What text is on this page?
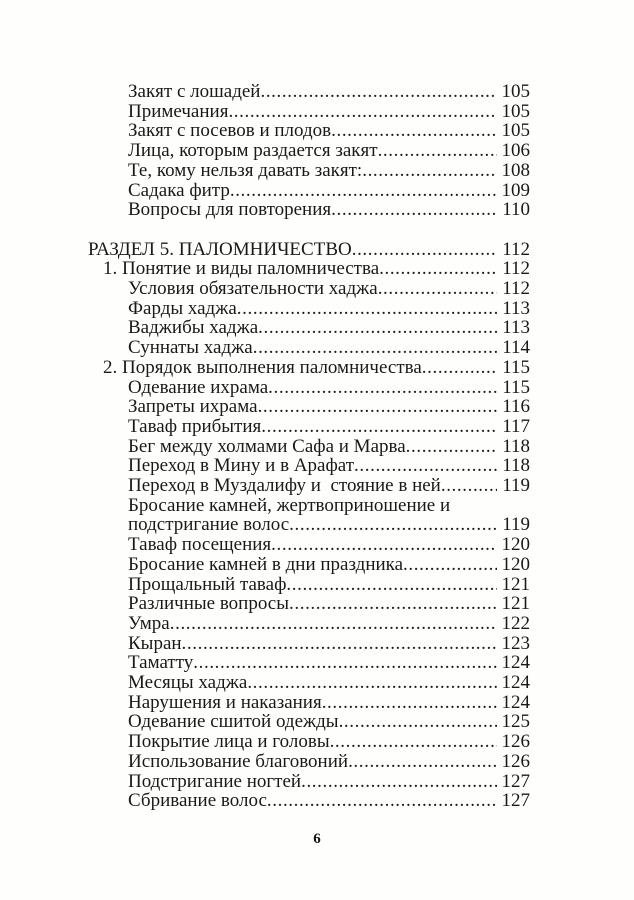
Закят с лошадей .....	105
Примечания .....	105
Закят с посевов и плодов .....	105
Лица, которым раздается закят .....	106
Те, кому нельзя давать закят: .....	108
Садака фитр .....	109
Вопросы для повторения .....	110
РАЗДЕЛ 5. ПАЛОМНИЧЕСТВО .....	112
1. Понятие и виды паломничества .....	112
Условия обязательности хаджа .....	112
Фарды хаджа .....	113
Ваджибы хаджа .....	113
Суннаты хаджа .....	114
2. Порядок выполнения паломничества .....	115
Одевание ихрама .....	115
Запреты ихрама .....	116
Таваф прибытия .....	117
Бег между холмами Сафа и Марва .....	118
Переход в Мину и в Арафат .....	118
Переход в Муздалифу и  стояние в ней .....	119
Бросание камней, жертвоприношение и
подстригание волос .....	119
Таваф посещения .....	120
Бросание камней в дни праздника .....	120
Прощальный таваф .....	121
Различные вопросы .....	121
Умра .....	122
Кыран .....	123
Таматту .....	124
Месяцы хаджа .....	124
Нарушения и наказания .....	124
Одевание сшитой одежды .....	125
Покрытие лица и головы .....	126
Использование благовоний .....	126
Подстригание ногтей .....	127
Сбривание волос .....	127
6
